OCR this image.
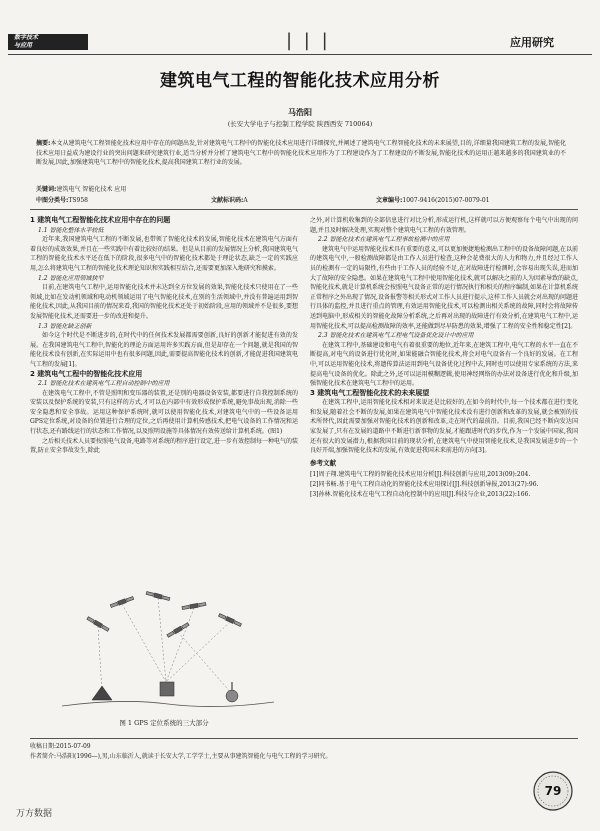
数字技术
与应用	| | |	应用研究
建筑电气工程的智能化技术应用分析
马浩阳
(长安大学电子与控制工程学院 陕西西安 710064)
摘要:本文从建筑电气工程智能化技术应用中存在的问题出发,针对建筑电气工程中的智能化技术应用进行详细探究,并阐述了建筑电气工程智能化技术的未来展望,目的,详细量我国建筑工程的发展,智能化技术应用日益成为建设行业的突出问题来研究建筑行业,适当分析并分析了建筑电气工程中的智能化技术应用作为了工程建设作为了工程建设的不断发展,智能化技术的运用正越来越多的我国建筑业的不断发展,因此,加强建筑电气工程中的智能化技术,提高我国建筑工程行业的发展。
关键词:建筑电气 智能化技术 应用
中图分类号:TS958	文献标识码:A	文章编号:1007-9416(2015)07-0079-01

1 建筑电气工程智能化技术应用中存在的问题

1.1 智能化整体水平较低

近年来,我国建筑电气工程的不断发展,也带领了智能化技术的发展,智能化技术在建筑电气方面有着良好的成效效果,并且在一些实践中有着比较好的结果。但是从目前的发展情况上分析,我国建筑电气工程的智能化技术水平还在低下的阶段,很多电气中的智能化技术都处于理论状态,缺乏一定的实践应用,怎么将建筑电气工程的智能化技术理论知识和实践相互结合,还需要更加深入地研究和摸索。

1.2 智能化应用领域狭窄

目前,在建筑电气工程中,运用智能化技术并未达到全方位发展的效果,智能化技术只使用在了一些领域,比如在发动机领域和电动机领域运用了电气智能化技术,在别的生活领域中,并没有普遍运用到智能化技术,因此,从我国目前的情况来看,我国的智能化技术还处于初始阶段,应用的领域并不是很多,要想发展智能化技术,还需要进一步的改进和提升。

1.3 智能化缺乏创新

如今这个时代是不断进步的,在时代中的任何技术发展都需要创新,良好的创新才能促进有效的发展。在我国建筑电气工程中,智能化的理论方面运用许多实践方面,但是却存在一个问题,就是我国的智能化技术没有创新,在实际运用中也有很多问题,因此,需要提高智能化技术的创新,才能促进我国建筑电气工程的发展[1]。

2 建筑电气工程中的智能化技术应用

2.1 智能化技术在建筑电气工程自动控制中的应用

在建筑电气工程中,不管是照明和变压器的装置,还是别的电器设备安装,都要进行自我控制系统的安装以及保护系统的安装,只有这样的方式,才可以在内部中有效形成保护系统,避免事故出现,消除一些安全隐患和安全事故。运用这种保护系统时,就可以使用智能化技术,对建筑电气中的一些设备运用GPS定位系统,对设备的位置进行合理的定位,之后再使用计算机传感技术,把电气设备的工作情况和运行状态,还有路线运行的状态和工作情况,以及照明设施等具体情况有效传送给计算机系统。(图1)

之后相关技术人员要按照电气设备,电路等对系统的程序进行设定,进一步有效控制每一种电气的装置,防止安全事故发生,除此

图 1 GPS 定位系统的三大部分

之外,对计算机收集到的全部信息进行对比分析,形成运行机,这样就可以方便观察每个电气中出现的问题,并且及时解决处理,实现对整个建筑电气工程的有效管理。

2.2 智能化技术在建筑电气工程事故检测中的应用

建筑电气中运用智能化技术具有重要的意义,可以更加便捷地检测出工程中的设备故障问题,在以前的建筑电气中,一般检测故障都是由工作人员进行检查,这种会花费很大的人力和物力,并且经过工作人员的检测有一定的局限性,有些由于工作人员的经验不足,在对故障进行检测时,会容易出现失误,进而加大了故障的安全隐患。如果在建筑电气工程中使用智能化技术,就可以解决之前的人为因素导致的缺点,智能化技术,就是计算机系统会按照电气设备正常的运行情况执行和相关的程序编制,如果在计算机系统正常程序之外出现了情况,设备报警等相关形式对工作人员进行提示,这样工作人员就会对出现的问题进行具体的监控,并且进行重点的管理,有效运用智能化技术,可以检测出相关系统的故障,同时会将故障传送到电脑中,形成相关的智能化故障分析系统,之后再对出现的故障进行有效分析,在建筑电气工程中,运用智能化技术,可以提高检测故障的效率,还能做到尽早防患的效果,增强了工程的安全性和稳定性[2]。

2.3 智能化技术在建筑电气工程电气设备优化设计中的应用

在建筑工程中,基础建设和电气有着很重要的地位,近年来,在建筑工程中,电气工程的水平一直在不断提高,对电气的设备进行优化时,如果能融合智能化技术,将会对电气设备有一个良好的发展。在工程中,可以运用智能化技术,将遗传算法运用到电气设备优化过程中去,同时也可以使用专家系统的方法,来提高电气设备的优化。除此之外,还可以运用模糊逻辑,使用神经网络的办法对设备进行优化和升级,加强智能化技术在建筑电气工程中的运用。

3 建筑电气工程智能化技术的未来展望

在建筑工程中,运用智能化技术相对来说还是比较好的,在如今的时代中,每一个技术都在进行变化和发展,随着社会不断的发展,如果在建筑电气中智能化技术没有进行创新和改革的发展,就会被别的技术所替代,因此需要加强对智能化技术的创新和改革,走在时代的最前沿。目前,我国已经不断向发达国家发展了,只有在发展的道路中不断进行新事物的发展,才能跟进时代的步伐,作为一个发展中国家,我国还有很大的发展潜力,根据我国目前的现状分析,在建筑电气中使用智能化技术,是我国发展进步的一个良好开端,加强智能化技术的发展,有效促进我国未来前进的方向[3]。

参考文献

[1]周子翔.建筑电气工程的智能化技术应用分析[J].科技创新与应用,2013(09):204.

[2]同书畅.基于电气工程自动化的智能化技术应用探讨[J].科技创新导报,2013(27):96.

[3]孙林.智能化技术在电气工程自动化控制中的应用[J].科技与企业,2013(22):166.

收稿日期:2015-07-09
作者简介:马浩阳(1996—),男,山东临沂人,就读于长安大学,工学学士,主要从事建筑智能化与电气工程的学习研究。
79
万方数据
